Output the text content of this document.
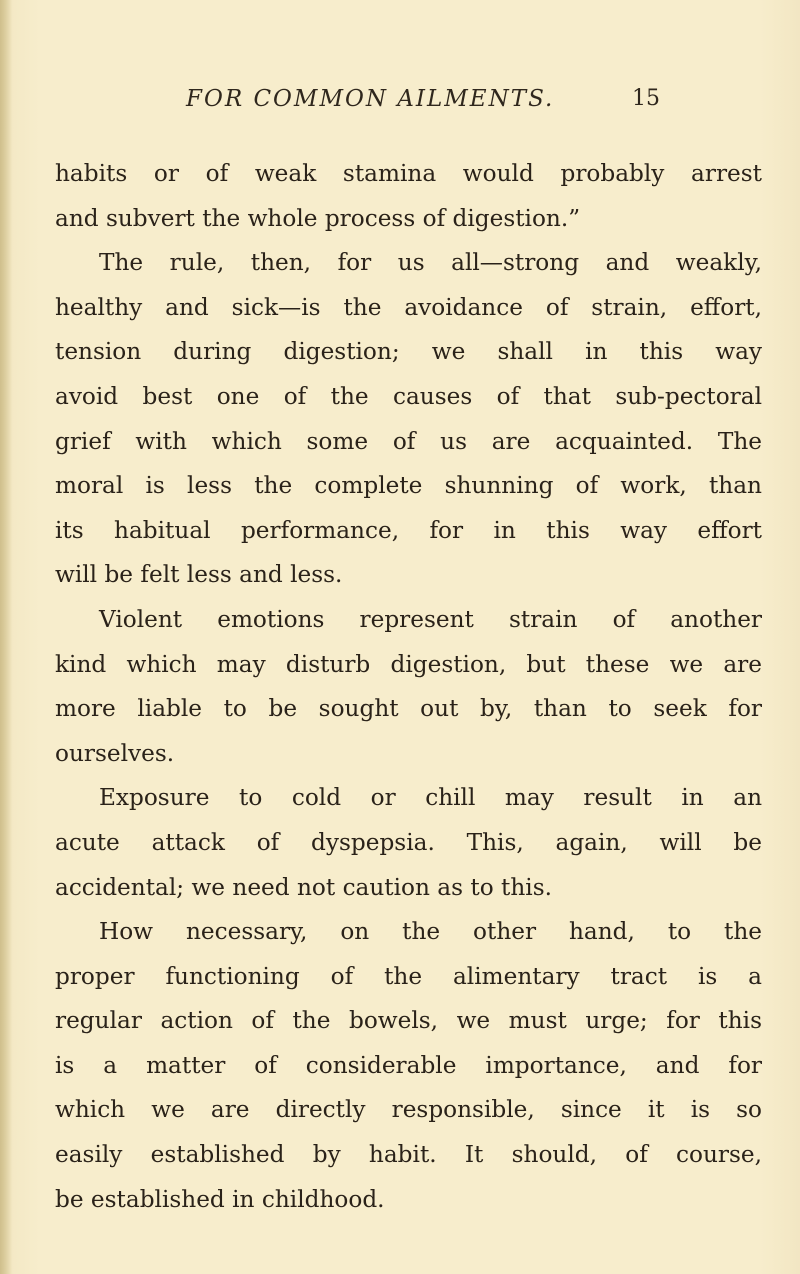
FOR COMMON AILMENTS.	15
habits or of weak stamina would probably arrest
and subvert the whole process of digestion.”
The rule, then, for us all—strong and weakly,
healthy and sick—is the avoidance of strain, effort,
tension during digestion; we shall in this way
avoid best one of the causes of that sub-pectoral
grief with which some of us are acquainted. The
moral is less the complete shunning of work, than
its habitual performance, for in this way effort
will be felt less and less.
Violent emotions represent strain of another
kind which may disturb digestion, but these we are
more liable to be sought out by, than to seek for
ourselves.
Exposure to cold or chill may result in an
acute attack of dyspepsia. This, again, will be
accidental; we need not caution as to this.
How necessary, on the other hand, to the
proper functioning of the alimentary tract is a
regular action of the bowels, we must urge; for this
is a matter of considerable importance, and for
which we are directly responsible, since it is so
easily established by habit. It should, of course,
be established in childhood.
